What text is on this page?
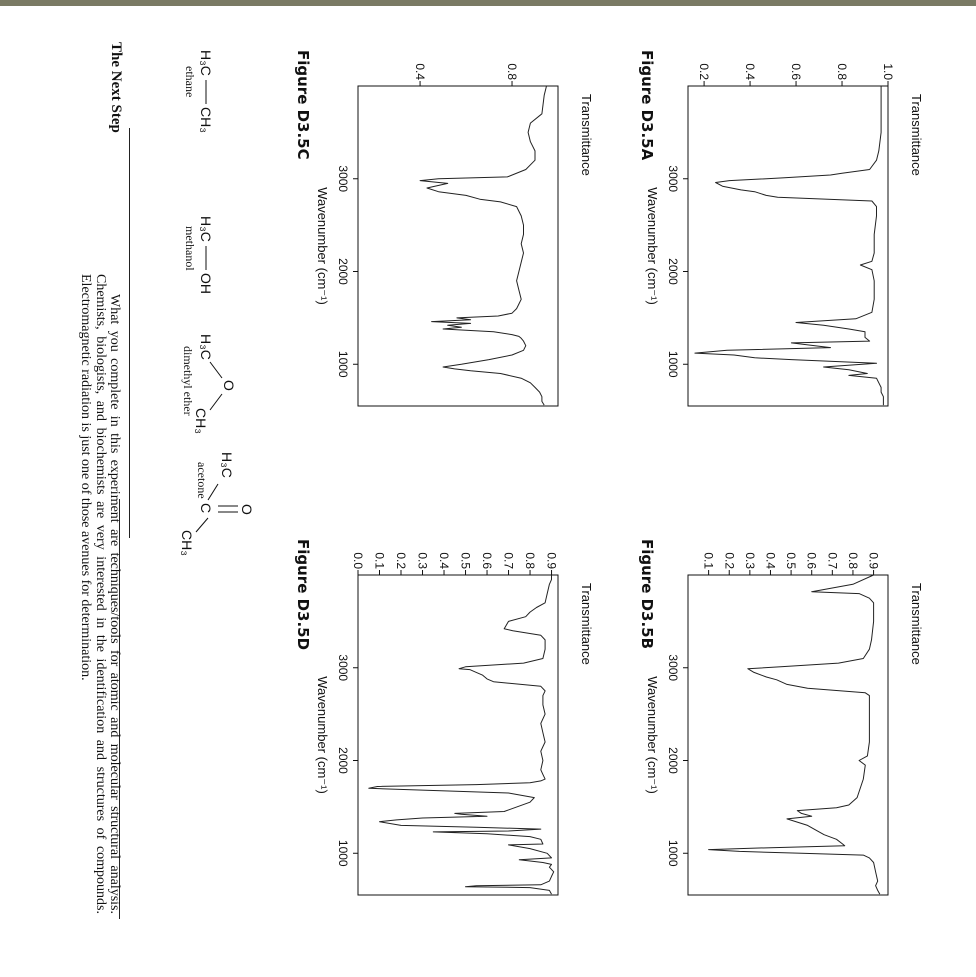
Figure D3.5A
Figure D3.5B
Figure D3.5C
Figure D3.5D
Transmittance
0.2	0.4	0.6	0.8	1.0
3000
2000
1000
Wavenumber (cm⁻¹)
Transmittance
0.1 0.2 0.3 0.4 0.5 0.6 0.7 0.8 0.9
3000
2000
1000
Wavenumber (cm⁻¹)
Transmittance
0.4	0.8
3000
2000
1000
Wavenumber (cm⁻¹)
Transmittance
0.0 0.1 0.2 0.3 0.4 0.5 0.6 0.7 0.8 0.9
3000
2000
1000
Wavenumber (cm⁻¹)
H₃C
CH₃
ethane
H₃C
OH
methanol
H₃C
O
CH₃
dimethyl ether
O
C
H₃C
CH₃
acetone
The Next Step
What you complete in this experiment are techniques/tools for atomic and molecular structural analysis. Chemists, biologists, and biochemists are very interested in the identification and structures of compounds. Electromagnetic radiation is just one of those avenues for determination.
